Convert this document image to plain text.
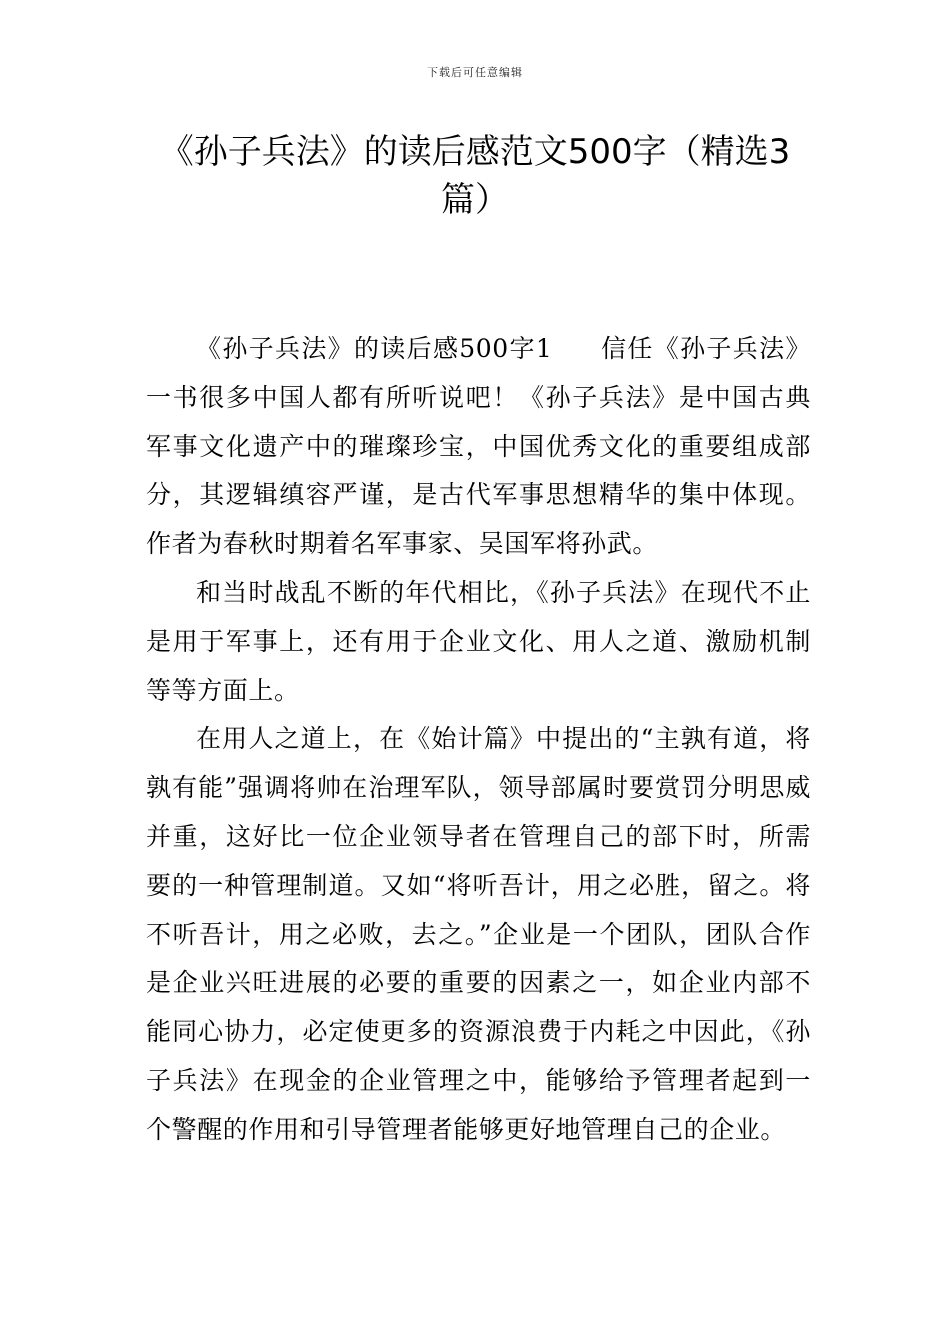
下载后可任意编辑
《孙子兵法》的读后感范文500字（精选3篇）

《孙子兵法》的读后感500字1 信任《孙子兵法》一书很多中国人都有所听说吧！《孙子兵法》是中国古典军事文化遗产中的璀璨珍宝，中国优秀文化的重要组成部分，其逻辑缜容严谨，是古代军事思想精华的集中体现。作者为春秋时期着名军事家、吴国军将孙武。

和当时战乱不断的年代相比，《孙子兵法》在现代不止是用于军事上，还有用于企业文化、用人之道、激励机制等等方面上。

在用人之道上，在《始计篇》中提出的“主孰有道，将孰有能”强调将帅在治理军队，领导部属时要赏罚分明思威并重，这好比一位企业领导者在管理自己的部下时，所需要的一种管理制道。又如“将听吾计，用之必胜，留之。将不听吾计，用之必败，去之。”企业是一个团队，团队合作是企业兴旺进展的必要的重要的因素之一，如企业内部不能同心协力，必定使更多的资源浪费于内耗之中因此，《孙子兵法》在现金的企业管理之中，能够给予管理者起到一个警醒的作用和引导管理者能够更好地管理自己的企业。
